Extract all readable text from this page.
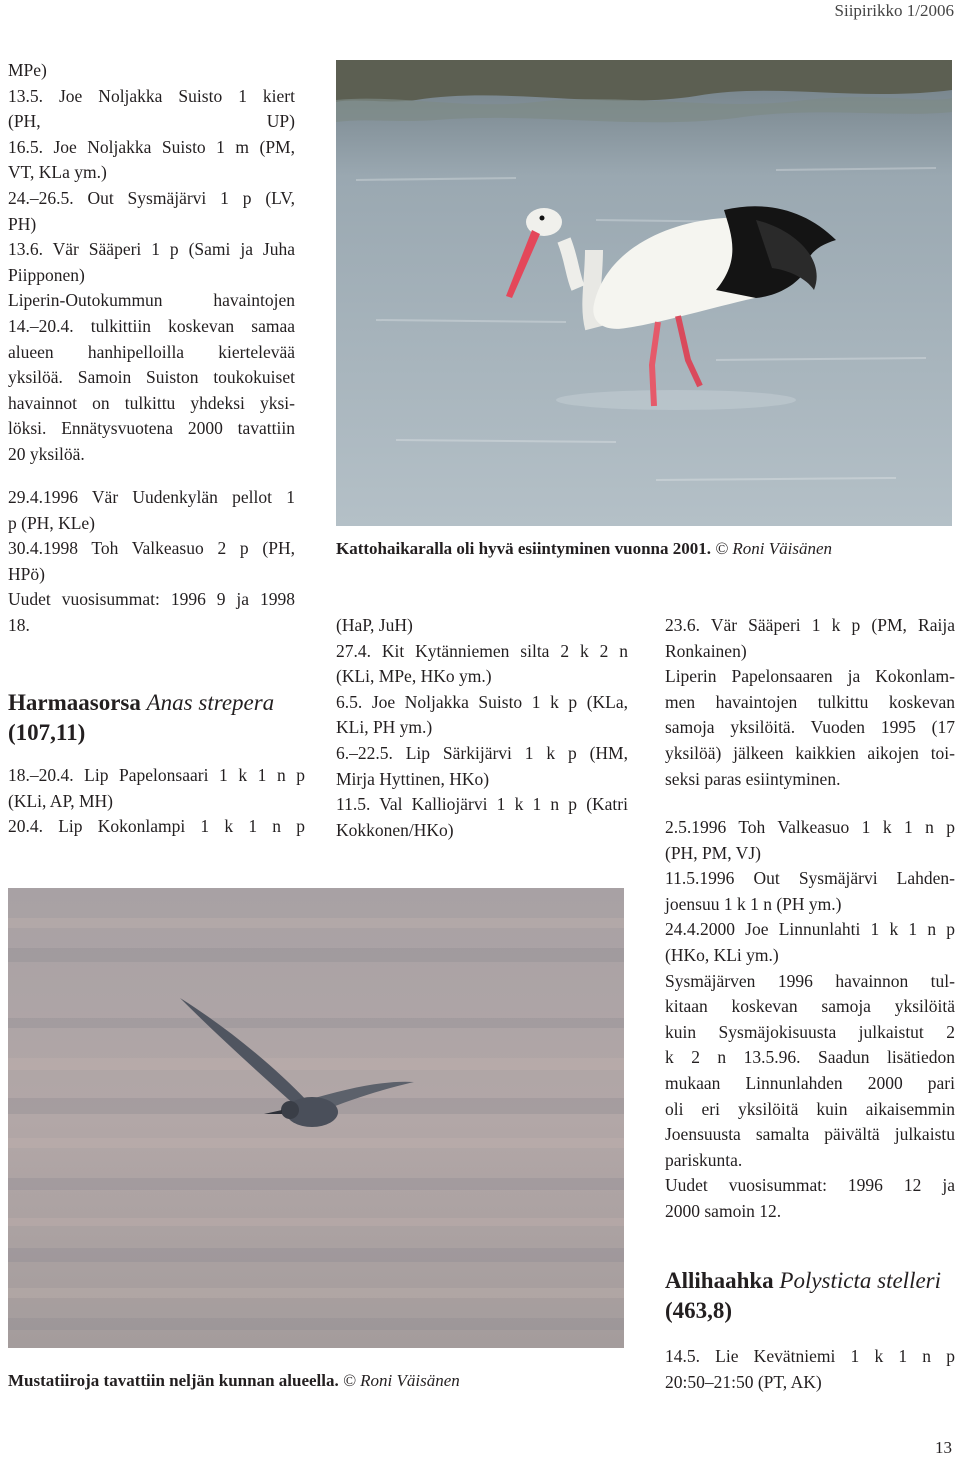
Siipirikko 1/2006
MPe)
13.5. Joe Noljakka Suisto 1 kiert
(PH, UP)
16.5. Joe Noljakka Suisto 1 m (PM,
VT, KLa ym.)
24.–26.5. Out Sysmäjärvi 1 p (LV,
PH)
13.6. Vär Sääperi 1 p (Sami ja Juha
Piipponen)
Liperin-Outokummun havaintojen
14.–20.4. tulkittiin koskevan samaa
alueen hanhipelloilla kiertelevää
yksilöä. Samoin Suiston toukokuiset
havainnot on tulkittu yhdeksi yksi-
löksi. Ennätysvuotena 2000 tavattiin
20 yksilöä.
29.4.1996 Vär Uudenkylän pellot 1
p (PH, KLe)
30.4.1998 Toh Valkeasuo 2 p (PH,
HPö)
Uudet vuosisummat: 1996 9 ja 1998
18.
Harmaasorsa Anas strepera
(107,11)
18.–20.4. Lip Papelonsaari 1 k 1 n p
(KLi, AP, MH)
20.4. Lip Kokonlampi 1 k 1 n p
(HaP, JuH)
27.4. Kit Kytänniemen silta 2 k 2 n
(KLi, MPe, HKo ym.)
6.5. Joe Noljakka Suisto 1 k p (KLa,
KLi, PH ym.)
6.–22.5. Lip Särkijärvi 1 k p (HM,
Mirja Hyttinen, HKo)
11.5. Val Kalliojärvi 1 k 1 n p (Katri
Kokkonen/HKo)
23.6. Vär Sääperi 1 k p (PM, Raija
Ronkainen)
Liperin Papelonsaaren ja Kokonlam-
men havaintojen tulkittu koskevan
samoja yksilöitä. Vuoden 1995 (17
yksilöä) jälkeen kaikkien aikojen toi-
seksi paras esiintyminen.
2.5.1996 Toh Valkeasuo 1 k 1 n p
(PH, PM, VJ)
11.5.1996 Out Sysmäjärvi Lahden-
joensuu 1 k 1 n (PH ym.)
24.4.2000 Joe Linnunlahti 1 k 1 n p
(HKo, KLi ym.)
Sysmäjärven 1996 havainnon tul-
kitaan koskevan samoja yksilöitä
kuin Sysmäjokisuusta julkaistut 2
k 2 n 13.5.96. Saadun lisätiedon
mukaan Linnunlahden 2000 pari
oli eri yksilöitä kuin aikaisemmin
Joensuusta samalta päivältä julkaistu
pariskunta.
Uudet vuosisummat: 1996 12 ja
2000 samoin 12.
Allihaahka Polysticta stelleri
(463,8)
14.5. Lie Kevätniemi 1 k 1 n p
20:50–21:50 (PT, AK)
Kattohaikaralla oli hyvä esiintyminen vuonna 2001. © Roni Väisänen
Mustatiiroja tavattiin neljän kunnan alueella. © Roni Väisänen
13
